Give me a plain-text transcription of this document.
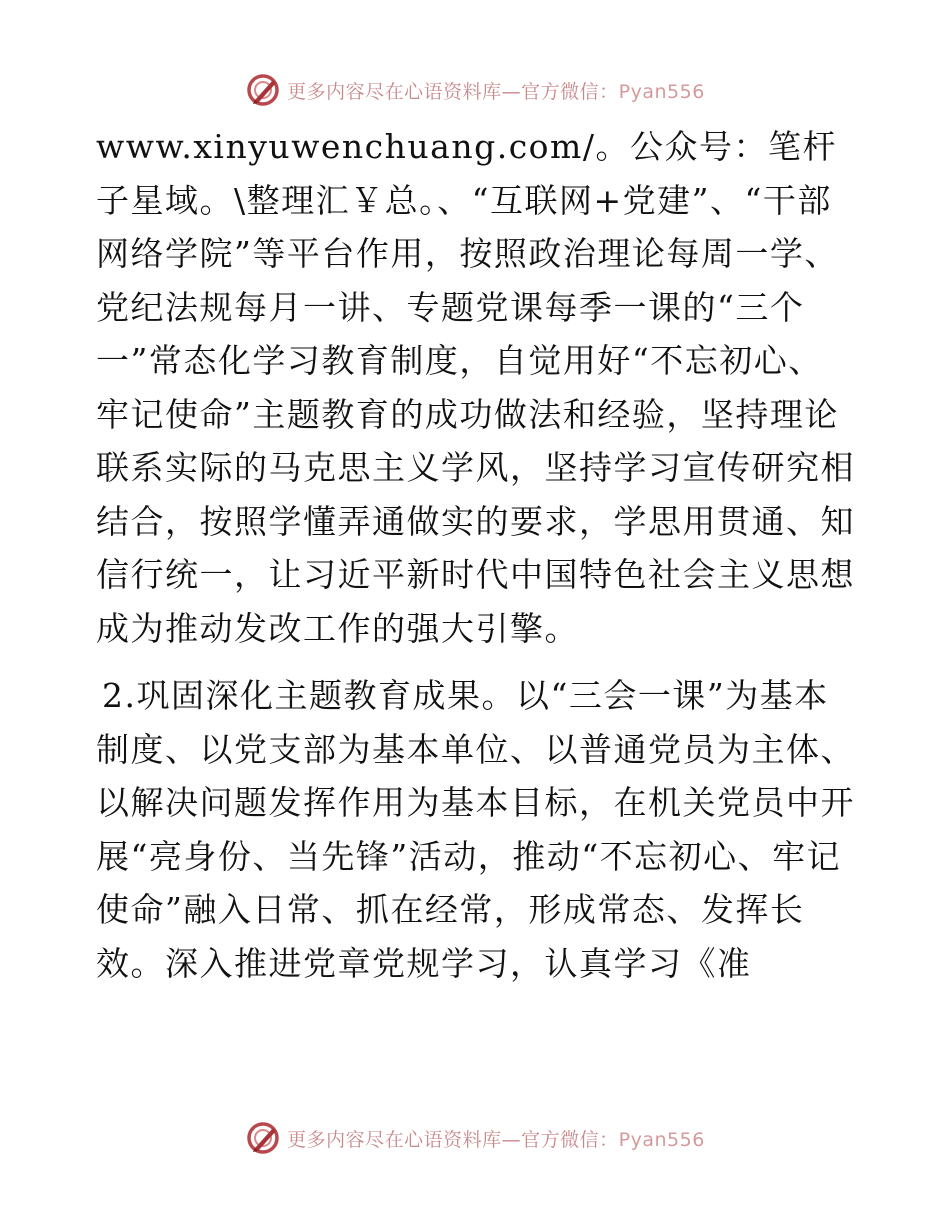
更多内容尽在心语资料库—官方微信：Pyan556

www.xinyuwenchuang.com/。公众号：笔杆子星域。\整理汇￥总。、“互联网+党建”、“干部网络学院”等平台作用，按照政治理论每周一学、党纪法规每月一讲、专题党课每季一课的“三个一”常态化学习教育制度，自觉用好“不忘初心、牢记使命”主题教育的成功做法和经验，坚持理论联系实际的马克思主义学风，坚持学习宣传研究相结合，按照学懂弄通做实的要求，学思用贯通、知信行统一，让习近平新时代中国特色社会主义思想成为推动发改工作的强大引擎。

2.巩固深化主题教育成果。以“三会一课”为基本制度、以党支部为基本单位、以普通党员为主体、以解决问题发挥作用为基本目标，在机关党员中开展“亮身份、当先锋”活动，推动“不忘初心、牢记使命”融入日常、抓在经常，形成常态、发挥长效。深入推进党章党规学习，认真学习《准

更多内容尽在心语资料库—官方微信：Pyan556
